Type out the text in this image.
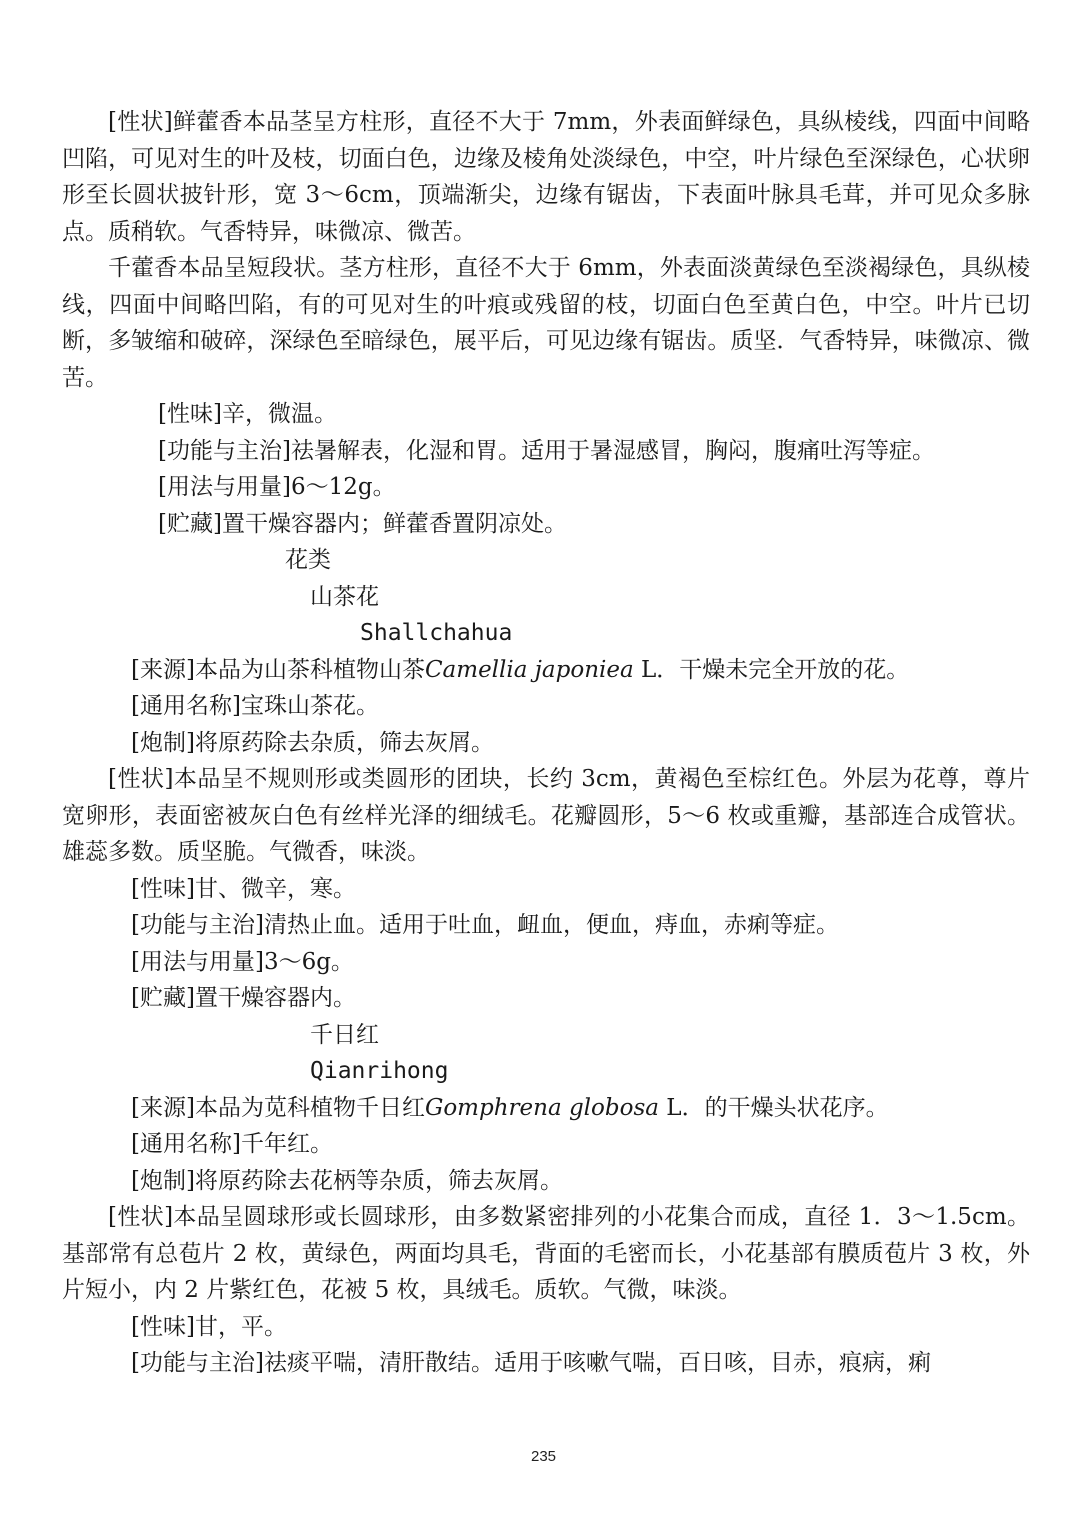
[性状]鲜藿香本品茎呈方柱形，直径不大于 7mm，外表面鲜绿色，具纵棱线，四面中间略凹陷，可见对生的叶及枝，切面白色，边缘及棱角处淡绿色，中空，叶片绿色至深绿色，心状卵形至长圆状披针形，宽 3～6cm，顶端渐尖，边缘有锯齿，下表面叶脉具毛茸，并可见众多脉点。质稍软。气香特异，味微凉、微苦。

千藿香本品呈短段状。茎方柱形，直径不大于 6mm，外表面淡黄绿色至淡褐绿色，具纵棱线，四面中间略凹陷，有的可见对生的叶痕或残留的枝，切面白色至黄白色，中空。叶片已切断，多皱缩和破碎，深绿色至暗绿色，展平后，可见边缘有锯齿。质坚．气香特异，味微凉、微苦。

[性味]辛，微温。
[功能与主治]祛暑解表，化湿和胃。适用于暑湿感冒，胸闷，腹痛吐泻等症。
[用法与用量]6～12g。
[贮藏]置干燥容器内；鲜藿香置阴凉处。
花类
山茶花
Shallchahua
[来源]本品为山茶科植物山茶Camellia japoniea L．干燥未完全开放的花。
[通用名称]宝珠山茶花。
[炮制]将原药除去杂质，筛去灰屑。

[性状]本品呈不规则形或类圆形的团块，长约 3cm，黄褐色至棕红色。外层为花尊，尊片宽卵形，表面密被灰白色有丝样光泽的细绒毛。花瓣圆形，5～6 枚或重瓣，基部连合成管状。雄蕊多数。质坚脆。气微香，味淡。

[性味]甘、微辛，寒。
[功能与主治]清热止血。适用于吐血，衄血，便血，痔血，赤痢等症。
[用法与用量]3～6g。
[贮藏]置干燥容器内。
千日红
Qianrihong
[来源]本品为苋科植物千日红Gomphrena globosa L．的干燥头状花序。
[通用名称]千年红。
[炮制]将原药除去花柄等杂质，筛去灰屑。

[性状]本品呈圆球形或长圆球形，由多数紧密排列的小花集合而成，直径 1．3～1.5cm。基部常有总苞片 2 枚，黄绿色，两面均具毛，背面的毛密而长，小花基部有膜质苞片 3 枚，外片短小，内 2 片紫红色，花被 5 枚，具绒毛。质软。气微，味淡。

[性味]甘，平。
[功能与主治]祛痰平喘，清肝散结。适用于咳嗽气喘，百日咳，目赤，痕病，痢
235
